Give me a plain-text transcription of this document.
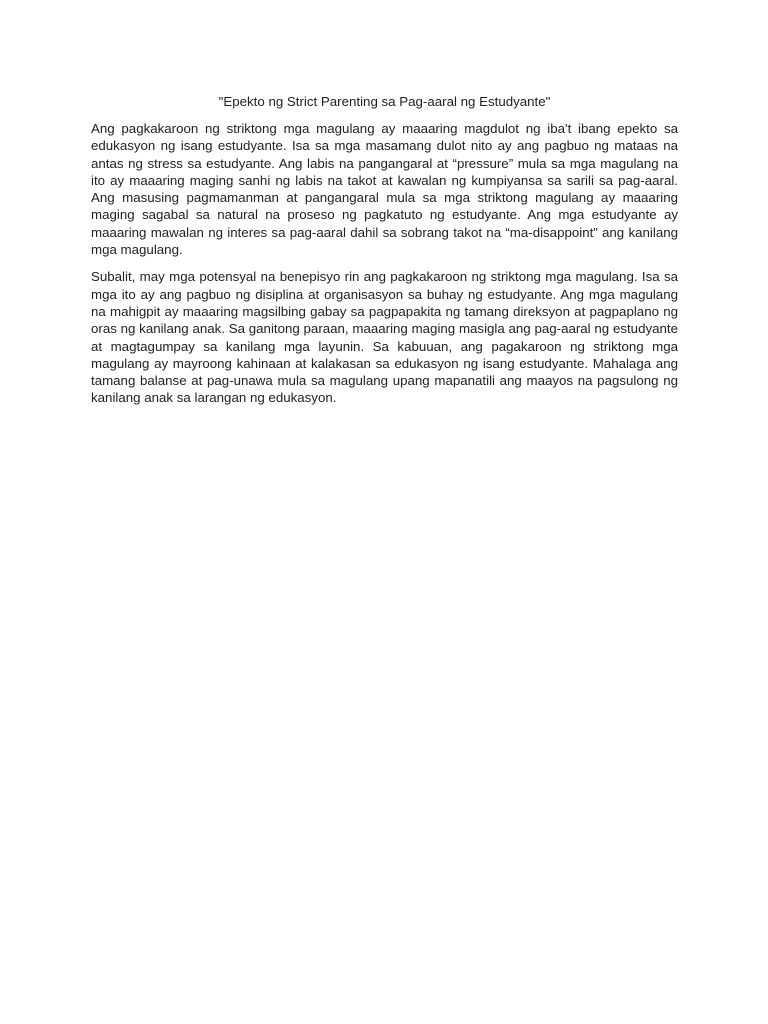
"Epekto ng Strict Parenting sa Pag-aaral ng Estudyante"

Ang pagkakaroon ng striktong mga magulang ay maaaring magdulot ng iba't ibang epekto sa edukasyon ng isang estudyante. Isa sa mga masamang dulot nito ay ang pagbuo ng mataas na antas ng stress sa estudyante. Ang labis na pangangaral at “pressure” mula sa mga magulang na ito ay maaaring maging sanhi ng labis na takot at kawalan ng kumpiyansa sa sarili sa pag-aaral. Ang masusing pagmamanman at pangangaral mula sa mga striktong magulang ay maaaring maging sagabal sa natural na proseso ng pagkatuto ng estudyante. Ang mga estudyante ay maaaring mawalan ng interes sa pag-aaral dahil sa sobrang takot na “ma-disappoint” ang kanilang mga magulang.

Subalit, may mga potensyal na benepisyo rin ang pagkakaroon ng striktong mga magulang. Isa sa mga ito ay ang pagbuo ng disiplina at organisasyon sa buhay ng estudyante. Ang mga magulang na mahigpit ay maaaring magsilbing gabay sa pagpapakita ng tamang direksyon at pagpaplano ng oras ng kanilang anak. Sa ganitong paraan, maaaring maging masigla ang pag-aaral ng estudyante at magtagumpay sa kanilang mga layunin. Sa kabuuan, ang pagakaroon ng striktong mga magulang ay mayroong kahinaan at kalakasan sa edukasyon ng isang estudyante. Mahalaga ang tamang balanse at pag-unawa mula sa magulang upang mapanatili ang maayos na pagsulong ng kanilang anak sa larangan ng edukasyon.
